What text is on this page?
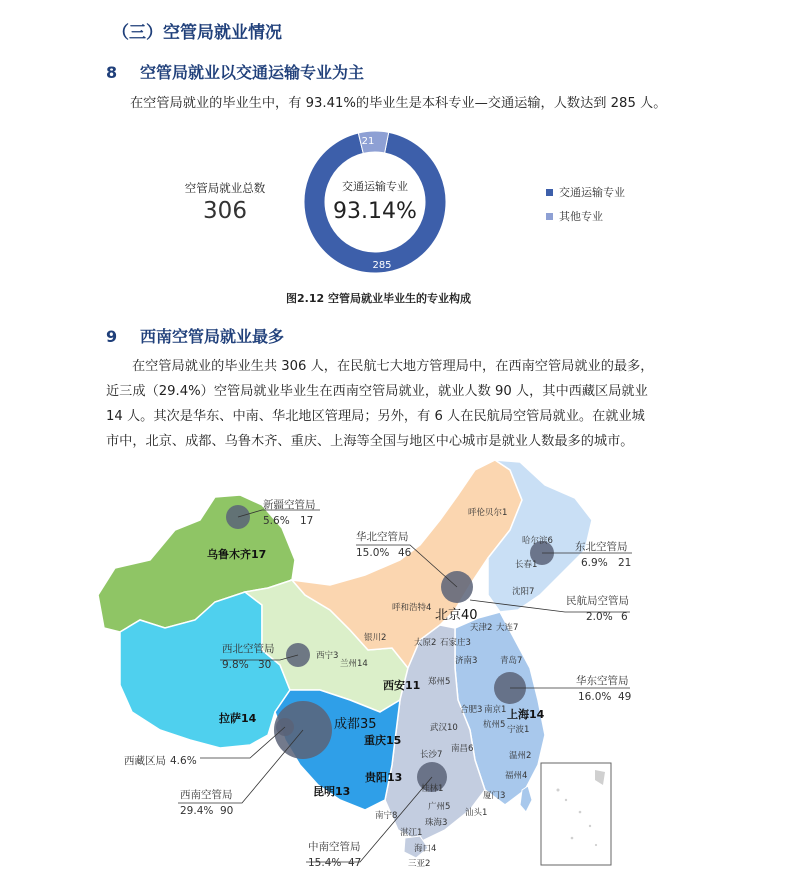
（三）空管局就业情况
8 空管局就业以交通运输专业为主
在空管局就业的毕业生中，有 93.41%的毕业生是本科专业—交通运输，人数达到 285 人。
空管局就业总数
306
285
21
交通运输专业
93.14%
交通运输专业
其他专业
图2.12 空管局就业毕业生的专业构成
9 西南空管局就业最多
在空管局就业的毕业生共 306 人，在民航七大地方管理局中，在西南空管局就业的最多，
近三成（29.4%）空管局就业毕业生在西南空管局就业，就业人数 90 人，其中西藏区局就业
14 人。其次是华东、中南、华北地区管理局；另外，有 6 人在民航局空管局就业。在就业城
市中，北京、成都、乌鲁木齐、重庆、上海等全国与地区中心城市是就业人数最多的城市。
新疆空管局
5.6% 17
华北空管局
15.0% 46	东北空管局
6.9% 21
民航局空管局
2.0% 6
西北空管局
9.8% 30
华东空管局
16.0% 49
西藏区局 4.6%
西南空管局
29.4% 90
中南空管局
15.4% 47
乌鲁木齐17
北京40
西安11
拉萨14	成都35
重庆15
贵阳13
昆明13
上海14
呼伦贝尔1
哈尔滨6
长春1
沈阳7
天津2 大连7
呼和浩特4
银川2	太原2 石家庄3
西宁3
兰州14	济南3	青岛7
郑州5
合肥3 南京1
杭州5 宁波1
武汉10
长沙7
南昌6
温州2
福州4
桂林1
厦门3
广州5
南宁8
珠海3
汕头1
湛江1
海口4
三亚2
